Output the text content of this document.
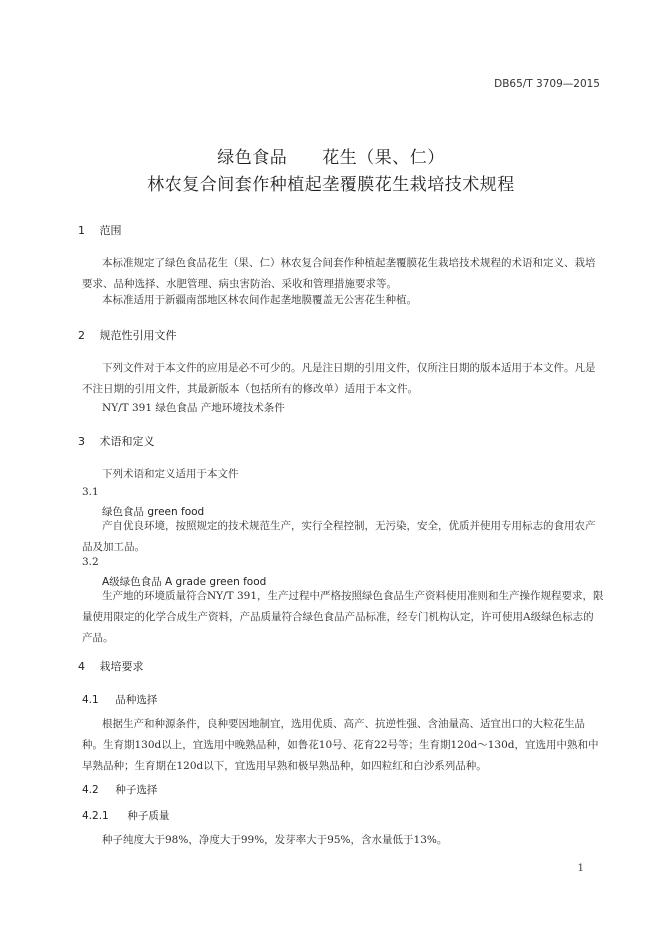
DB65/T 3709—2015
绿色食品　　花生（果、仁）
林农复合间套作种植起垄覆膜花生栽培技术规程
1 范围

本标准规定了绿色食品花生（果、仁）林农复合间套作种植起垄覆膜花生栽培技术规程的术语和定义、栽培要求、品种选择、水肥管理、病虫害防治、采收和管理措施要求等。

本标准适用于新疆南部地区林农间作起垄地膜覆盖无公害花生种植。

2 规范性引用文件

下列文件对于本文件的应用是必不可少的。凡是注日期的引用文件，仅所注日期的版本适用于本文件。凡是不注日期的引用文件，其最新版本（包括所有的修改单）适用于本文件。

NY/T 391 绿色食品 产地环境技术条件
3 术语和定义
下列术语和定义适用于本文件
3.1
绿色食品 green food

产自优良环境，按照规定的技术规范生产，实行全程控制，无污染，安全，优质并使用专用标志的食用农产品及加工品。

3.2
A级绿色食品 A grade green food

生产地的环境质量符合NY/T 391，生产过程中严格按照绿色食品生产资料使用准则和生产操作规程要求，限量使用限定的化学合成生产资料，产品质量符合绿色食品产品标准，经专门机构认定，许可使用A级绿色标志的产品。

4 栽培要求
4.1 品种选择

根据生产和种源条件，良种要因地制宜，选用优质、高产、抗逆性强、含油量高、适宜出口的大粒花生品种。生育期130d以上，宜选用中晚熟品种，如鲁花10号、花育22号等；生育期120d～130d，宜选用中熟和中早熟品种；生育期在120d以下，宜选用早熟和极早熟品种，如四粒红和白沙系列品种。

4.2 种子选择
4.2.1 种子质量

种子纯度大于98%，净度大于99%，发芽率大于95%，含水量低于13%。

1
